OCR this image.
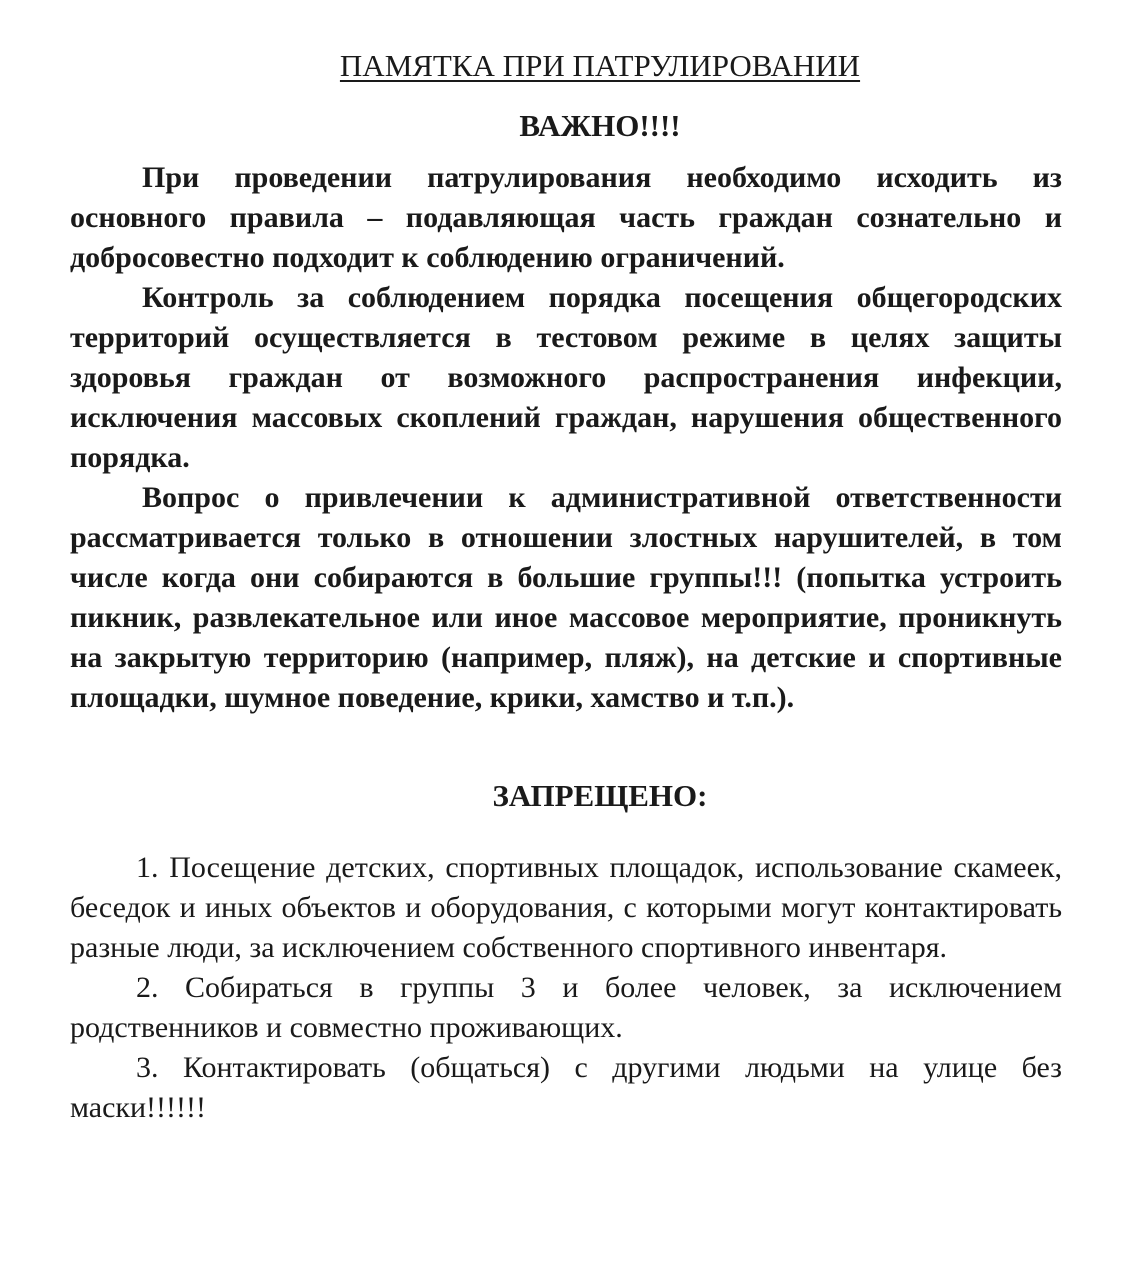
ПАМЯТКА ПРИ ПАТРУЛИРОВАНИИ
ВАЖНО!!!!

При проведении патрулирования необходимо исходить из основного правила – подавляющая часть граждан сознательно и добросовестно подходит к соблюдению ограничений.

Контроль за соблюдением порядка посещения общегородских территорий осуществляется в тестовом режиме в целях защиты здоровья граждан от возможного распространения инфекции, исключения массовых скоплений граждан, нарушения общественного порядка.

Вопрос о привлечении к административной ответственности рассматривается только в отношении злостных нарушителей, в том числе когда они собираются в большие группы!!! (попытка устроить пикник, развлекательное или иное массовое мероприятие, проникнуть на закрытую территорию (например, пляж), на детские и спортивные площадки, шумное поведение, крики, хамство и т.п.).

ЗАПРЕЩЕНО:

1. Посещение детских, спортивных площадок, использование скамеек, беседок и иных объектов и оборудования, с которыми могут контактировать разные люди, за исключением собственного спортивного инвентаря.

2. Собираться в группы 3 и более человек, за исключением родственников и совместно проживающих.

3. Контактировать (общаться) с другими людьми на улице без маски!!!!!!
